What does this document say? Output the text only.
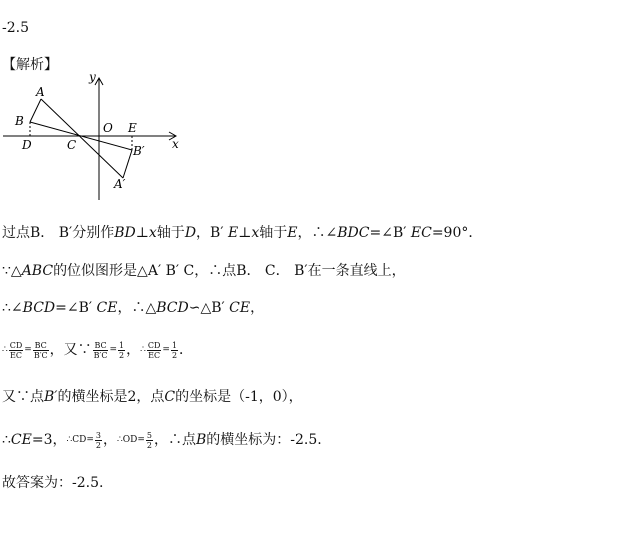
-2.5
【解析】
y
x
A
B
D	C
O E
B′
A′
过点B． B′分别作BD⊥x轴于D，B′ E⊥x轴于E，∴∠BDC=∠B′ EC=90°．
∵△ABC的位似图形是△A′ B′ C，∴点B． C． B′在一条直线上，
∴∠BCD=∠B′ CE，∴△BCD∽△B′ CE，
∴ $\frac{CD}{EC} = \frac{BC}{B'C}$ ，又∵ $\frac{BC}{B'C} = \frac{1}{2}$ ，∴ $\frac{CD}{EC} = \frac{1}{2}$ ．
又∵点B′的横坐标是2，点C的坐标是（-1，0），
∴CE=3，∴CD= $\frac{3}{2}$ ，∴OD= $\frac{5}{2}$ ，∴点B的横坐标为：-2.5.
故答案为：-2.5.
